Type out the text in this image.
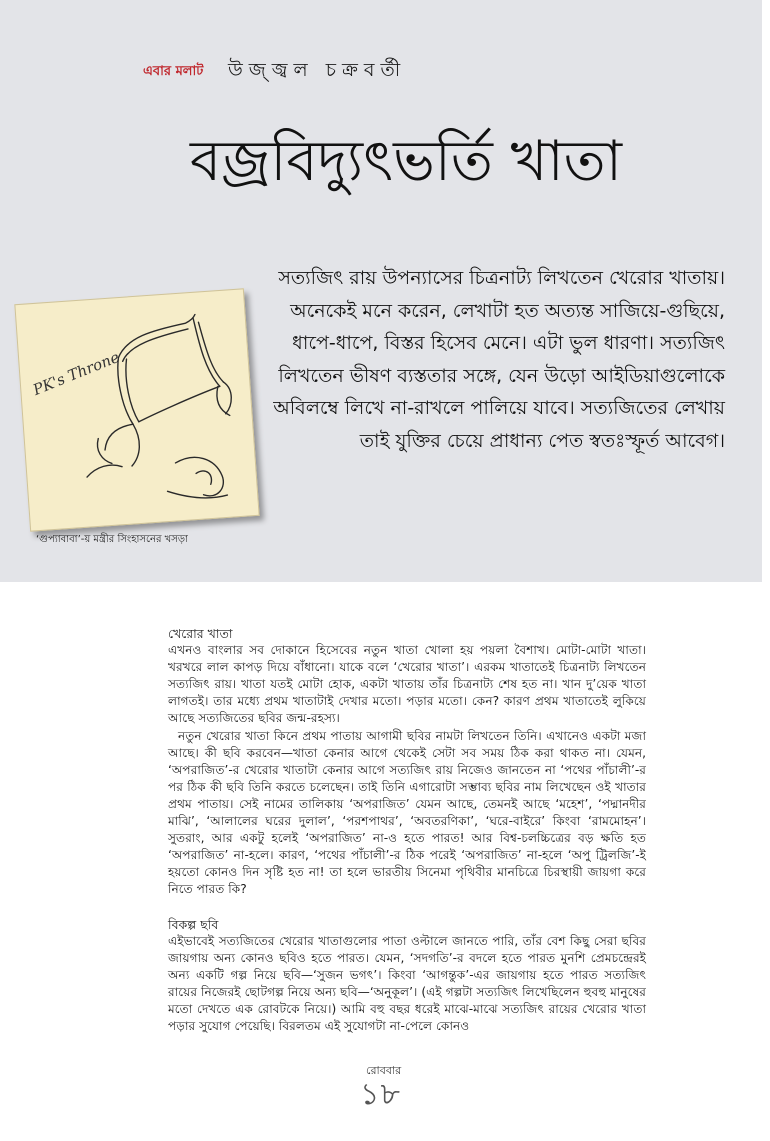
এবার মলাট উজ্জ্বল চক্রবর্তী
বজ্রবিদ্যুৎভর্তি খাতা

সত্যজিৎ রায় উপন্যাসের চিত্রনাট্য লিখতেন খেরোর খাতায়। অনেকেই মনে করেন, লেখাটা হত অত্যন্ত সাজিয়ে-গুছিয়ে, ধাপে-ধাপে, বিস্তর হিসেব মেনে। এটা ভুল ধারণা। সত্যজিৎ লিখতেন ভীষণ ব্যস্ততার সঙ্গে, যেন উড়ো আইডিয়াগুলোকে অবিলম্বে লিখে না-রাখলে পালিয়ে যাবে। সত্যজিতের লেখায় তাই যুক্তির চেয়ে প্রাধান্য পেত স্বতঃস্ফূর্ত আবেগ।

PK's Throne
‘গুপ্যাবাবা’-য় মন্ত্রীর সিংহাসনের খসড়া
খেরোর খাতা

এখনও বাংলার সব দোকানে হিসেবের নতুন খাতা খোলা হয় পয়লা বৈশাখ। মোটা-মোটা খাতা। খরখরে লাল কাপড় দিয়ে বাঁধানো। যাকে বলে ‘খেরোর খাতা’। এরকম খাতাতেই চিত্রনাট্য লিখতেন সত্যজিৎ রায়। খাতা যতই মোটা হোক, একটা খাতায় তাঁর চিত্রনাট্য শেষ হত না। খান দু’য়েক খাতা লাগতই। তার মধ্যে প্রথম খাতাটাই দেখার মতো। পড়ার মতো। কেন? কারণ প্রথম খাতাতেই লুকিয়ে আছে সত্যজিতের ছবির জন্ম-রহস্য।

নতুন খেরোর খাতা কিনে প্রথম পাতায় আগামী ছবির নামটা লিখতেন তিনি। এখানেও একটা মজা আছে। কী ছবি করবেন—খাতা কেনার আগে থেকেই সেটা সব সময় ঠিক করা থাকত না। যেমন, ‘অপরাজিত’-র খেরোর খাতাটা কেনার আগে সত্যজিৎ রায় নিজেও জানতেন না ‘পথের পাঁচালী’-র পর ঠিক কী ছবি তিনি করতে চলেছেন। তাই তিনি এগারোটা সম্ভাব্য ছবির নাম লিখেছেন ওই খাতার প্রথম পাতায়। সেই নামের তালিকায় ‘অপরাজিত’ যেমন আছে, তেমনই আছে ‘মহেশ’, ‘পদ্মানদীর মাঝি’, ‘আলালের ঘরের দুলাল’, ‘পরশপাথর’, ‘অবতরণিকা’, ‘ঘরে-বাইরে’ কিংবা ‘রামমোহন’। সুতরাং, আর একটু হলেই ‘অপরাজিত’ না-ও হতে পারত! আর বিশ্ব-চলচ্চিত্রের বড় ক্ষতি হত ‘অপরাজিত’ না-হলে। কারণ, ‘পথের পাঁচালী’-র ঠিক পরেই ‘অপরাজিত’ না-হলে ‘অপু ট্রিলজি’-ই হয়তো কোনও দিন সৃষ্টি হত না! তা হলে ভারতীয় সিনেমা পৃথিবীর মানচিত্রে চিরস্থায়ী জায়গা করে নিতে পারত কি?

বিকল্প ছবি

এইভাবেই সত্যজিতের খেরোর খাতাগুলোর পাতা ওল্টালে জানতে পারি, তাঁর বেশ কিছু সেরা ছবির জায়গায় অন্য কোনও ছবিও হতে পারত। যেমন, ‘সদগতি’-র বদলে হতে পারত মুনশি প্রেমচন্দ্রেরই অন্য একটি গল্প নিয়ে ছবি—‘সুজন ভগৎ’। কিংবা ‘আগন্তুক’-এর জায়গায় হতে পারত সত্যজিৎ রায়ের নিজেরই ছোটগল্প নিয়ে অন্য ছবি—‘অনুকূল’। (এই গল্পটা সত্যজিৎ লিখেছিলেন হুবহু মানুষের মতো দেখতে এক রোবটকে নিয়ে।) আমি বহু বছর ধরেই মাঝে-মাঝে সত্যজিৎ রায়ের খেরোর খাতা পড়ার সুযোগ পেয়েছি। বিরলতম এই সুযোগটা না-পেলে কোনও

রোববার
১৮
